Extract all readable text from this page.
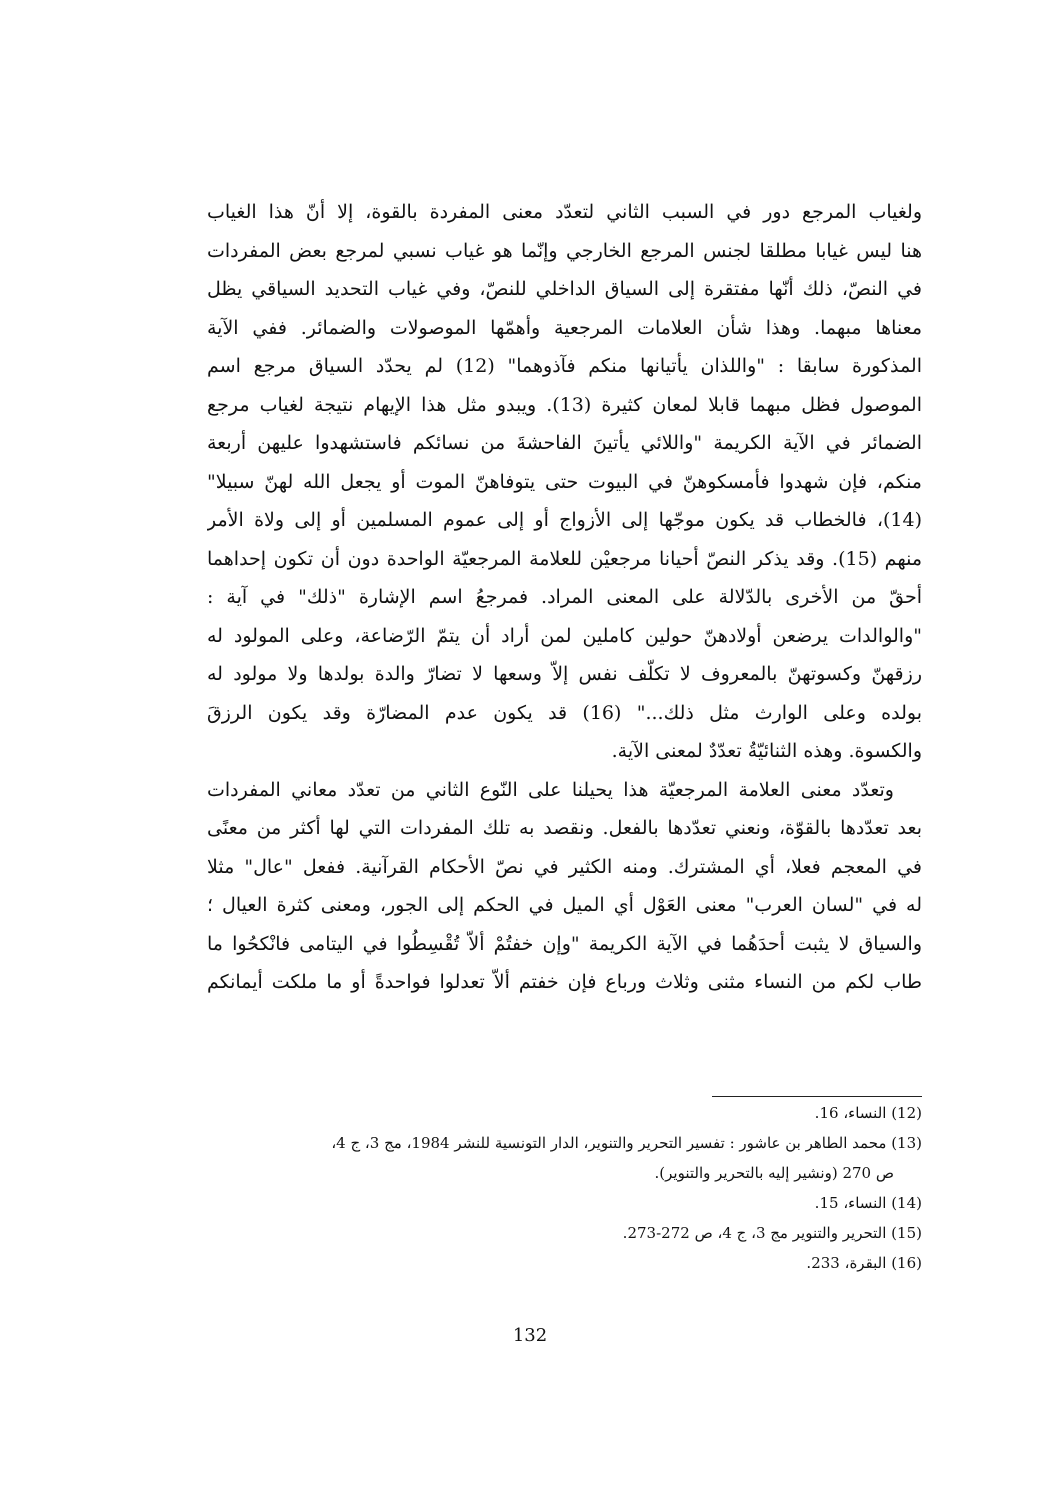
ولغياب المرجع دور في السبب الثاني لتعدّد معنى المفردة بالقوة، إلا أنّ هذا الغياب
هنا ليس غيابا مطلقا لجنس المرجع الخارجي وإنّما هو غياب نسبي لمرجع بعض المفردات
في النصّ، ذلك أنّها مفتقرة إلى السياق الداخلي للنصّ، وفي غياب التحديد السياقي يظل
معناها مبهما. وهذا شأن العلامات المرجعية وأهمّها الموصولات والضمائر. ففي الآية
المذكورة سابقا : "واللذان يأتيانها منكم فآذوهما" (12) لم يحدّد السياق مرجع اسم
الموصول فظل مبهما قابلا لمعان كثيرة (13). ويبدو مثل هذا الإيهام نتيجة لغياب مرجع
الضمائر في الآية الكريمة "واللائي يأتينَ الفاحشةَ من نسائكم فاستشهدوا عليهن أربعة
منكم، فإن شهدوا فأمسكوهنّ في البيوت حتى يتوفاهنّ الموت أو يجعل الله لهنّ سبيلا"
(14)، فالخطاب قد يكون موجّها إلى الأزواج أو إلى عموم المسلمين أو إلى ولاة الأمر
منهم (15). وقد يذكر النصّ أحيانا مرجعيْن للعلامة المرجعيّة الواحدة دون أن تكون إحداهما
أحقّ من الأخرى بالدّلالة على المعنى المراد. فمرجعُ اسم الإشارة "ذلك" في آية :
"والوالدات يرضعن أولادهنّ حولين كاملين لمن أراد أن يتمّ الرّضاعة، وعلى المولود له
رزقهنّ وكسوتهنّ بالمعروف لا تكلّف نفس إلاّ وسعها لا تضارّ والدة بولدها ولا مولود له
بولده وعلى الوارث مثل ذلك..." (16) قد يكون عدم المضارّة وقد يكون الرزقَ
والكسوة. وهذه الثنائيّةُ تعدّدٌ لمعنى الآية.
وتعدّد معنى العلامة المرجعيّة هذا يحيلنا على النّوع الثاني من تعدّد معاني المفردات
بعد تعدّدها بالقوّة، ونعني تعدّدها بالفعل. ونقصد به تلك المفردات التي لها أكثر من معنًى
في المعجم فعلا، أي المشترك. ومنه الكثير في نصّ الأحكام القرآنية. ففعل "عال" مثلا
له في "لسان العرب" معنى العَوْل أي الميل في الحكم إلى الجور، ومعنى كثرة العيال ؛
والسياق لا يثبت أحدَهُما في الآية الكريمة "وإن خفتُمْ ألاّ تُقْسِطُوا في اليتامى فانْكحُوا ما
طاب لكم من النساء مثنى وثلاث ورباع فإن خفتم ألاّ تعدلوا فواحدةً أو ما ملكت أيمانكم
(12) النساء، 16.
(13) محمد الطاهر بن عاشور : تفسير التحرير والتنوير، الدار التونسية للنشر 1984، مج 3، ج 4،
ص 270 (ونشير إليه بالتحرير والتنوير).
(14) النساء، 15.
(15) التحرير والتنوير مج 3، ج 4، ص 272-273.
(16) البقرة، 233.
132
